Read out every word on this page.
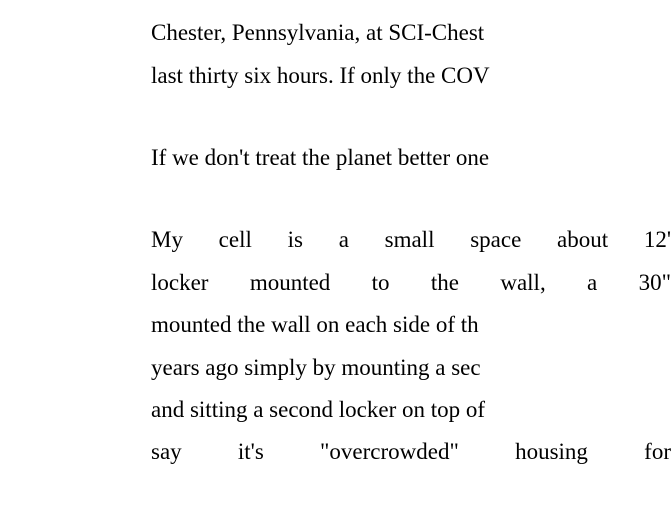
Chester, Pennsylvania, at SCI-Chest
last thirty six hours. If only the COV
If we don't treat the planet better one
My cell is a small space about 12'
locker mounted to the wall, a 30"
mounted the wall on each side of th
years ago simply by mounting a sec
and sitting a second locker on top of
say it's "overcrowded" housing for
